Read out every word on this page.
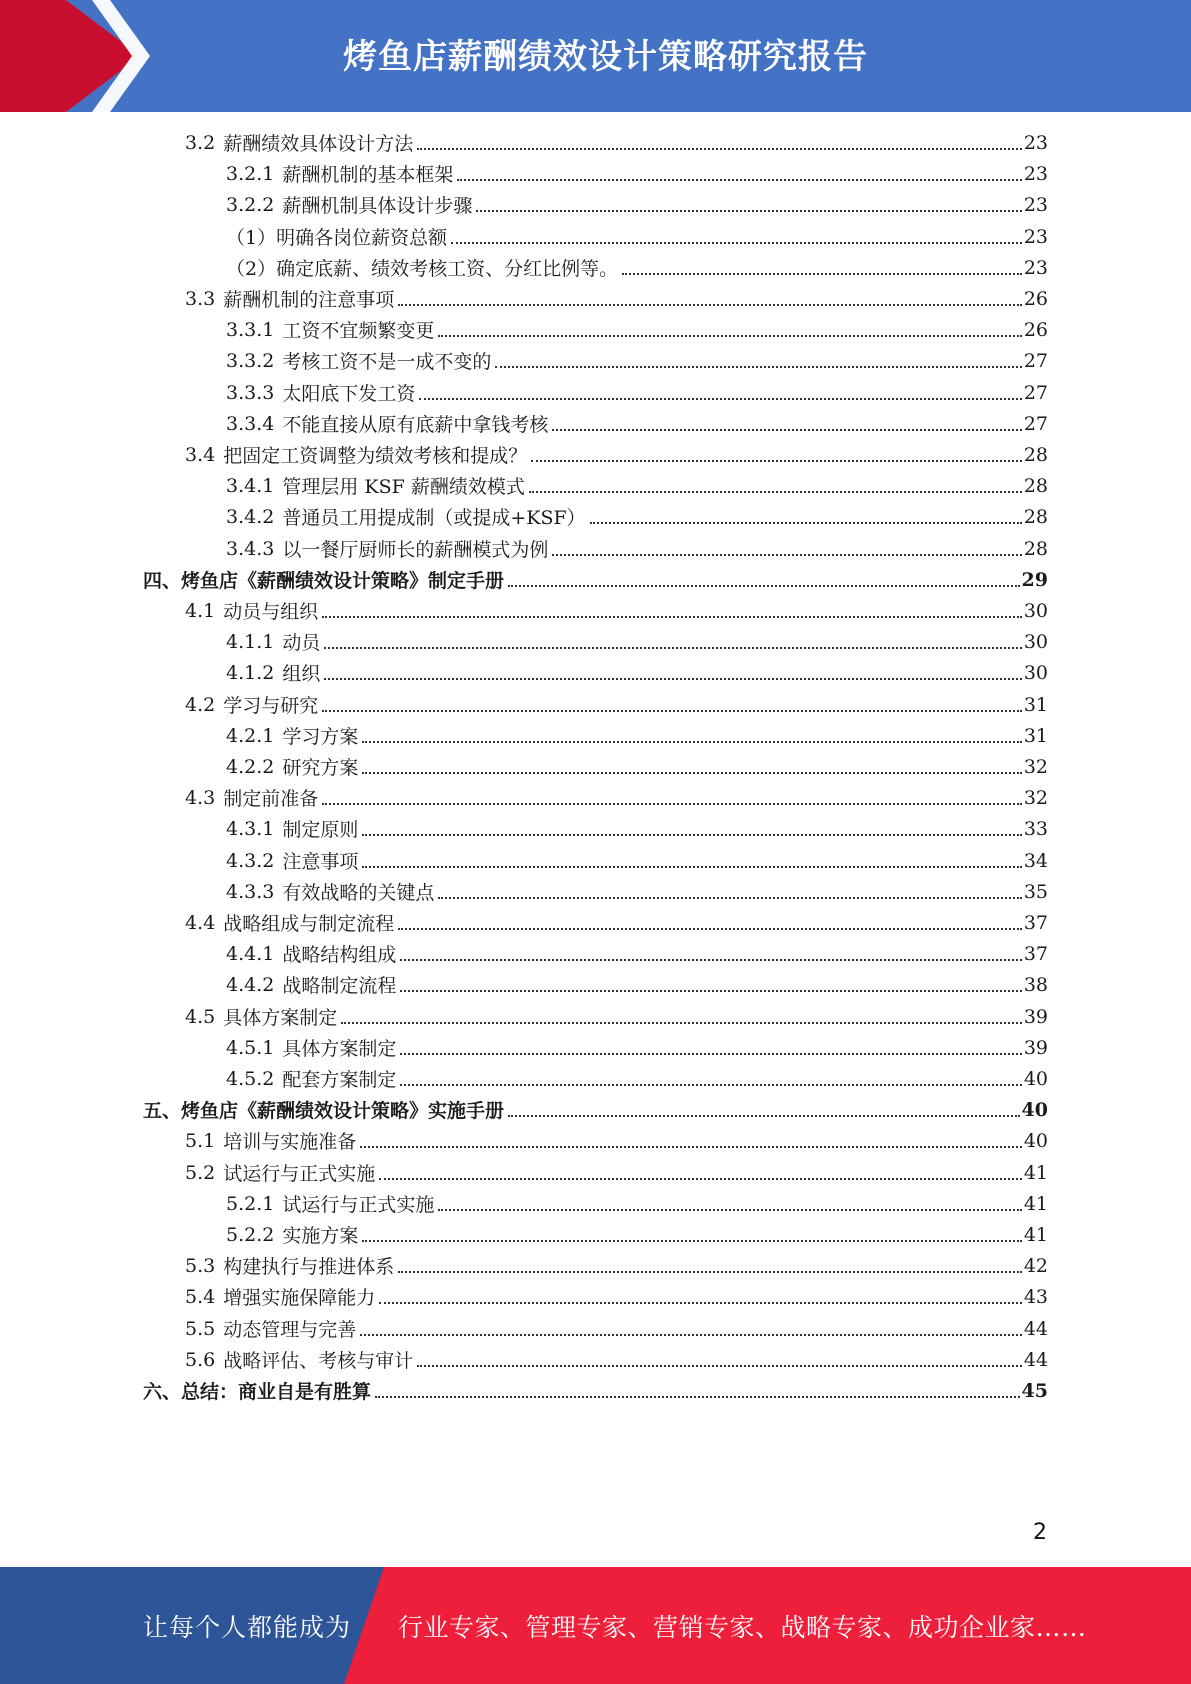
烤鱼店薪酬绩效设计策略研究报告
3.2 薪酬绩效具体设计方法	23
3.2.1 薪酬机制的基本框架	23
3.2.2 薪酬机制具体设计步骤	23
（1） 明确各岗位薪资总额	23
（2） 确定底薪、绩效考核工资、分红比例等。	23
3.3 薪酬机制的注意事项	26
3.3.1 工资不宜频繁变更	26
3.3.2 考核工资不是一成不变的	27
3.3.3 太阳底下发工资	27
3.3.4 不能直接从原有底薪中拿钱考核	27
3.4 把固定工资调整为绩效考核和提成？	28
3.4.1 管理层用 KSF 薪酬绩效模式	28
3.4.2 普通员工用提成制（或提成+KSF）	28
3.4.3 以一餐厅厨师长的薪酬模式为例	28
四、烤鱼店《薪酬绩效设计策略》制定手册	29
4.1 动员与组织	30
4.1.1 动员	30
4.1.2 组织	30
4.2 学习与研究	31
4.2.1 学习方案	31
4.2.2 研究方案	32
4.3 制定前准备	32
4.3.1 制定原则	33
4.3.2 注意事项	34
4.3.3 有效战略的关键点	35
4.4 战略组成与制定流程	37
4.4.1 战略结构组成	37
4.4.2 战略制定流程	38
4.5 具体方案制定	39
4.5.1 具体方案制定	39
4.5.2 配套方案制定	40
五、烤鱼店《薪酬绩效设计策略》实施手册	40
5.1 培训与实施准备	40
5.2 试运行与正式实施	41
5.2.1 试运行与正式实施	41
5.2.2 实施方案	41
5.3 构建执行与推进体系	42
5.4 增强实施保障能力	43
5.5 动态管理与完善	44
5.6 战略评估、考核与审计	44
六、总结：商业自是有胜算	45
2
让每个人都能成为 行业专家、管理专家、营销专家、战略专家、成功企业家……
